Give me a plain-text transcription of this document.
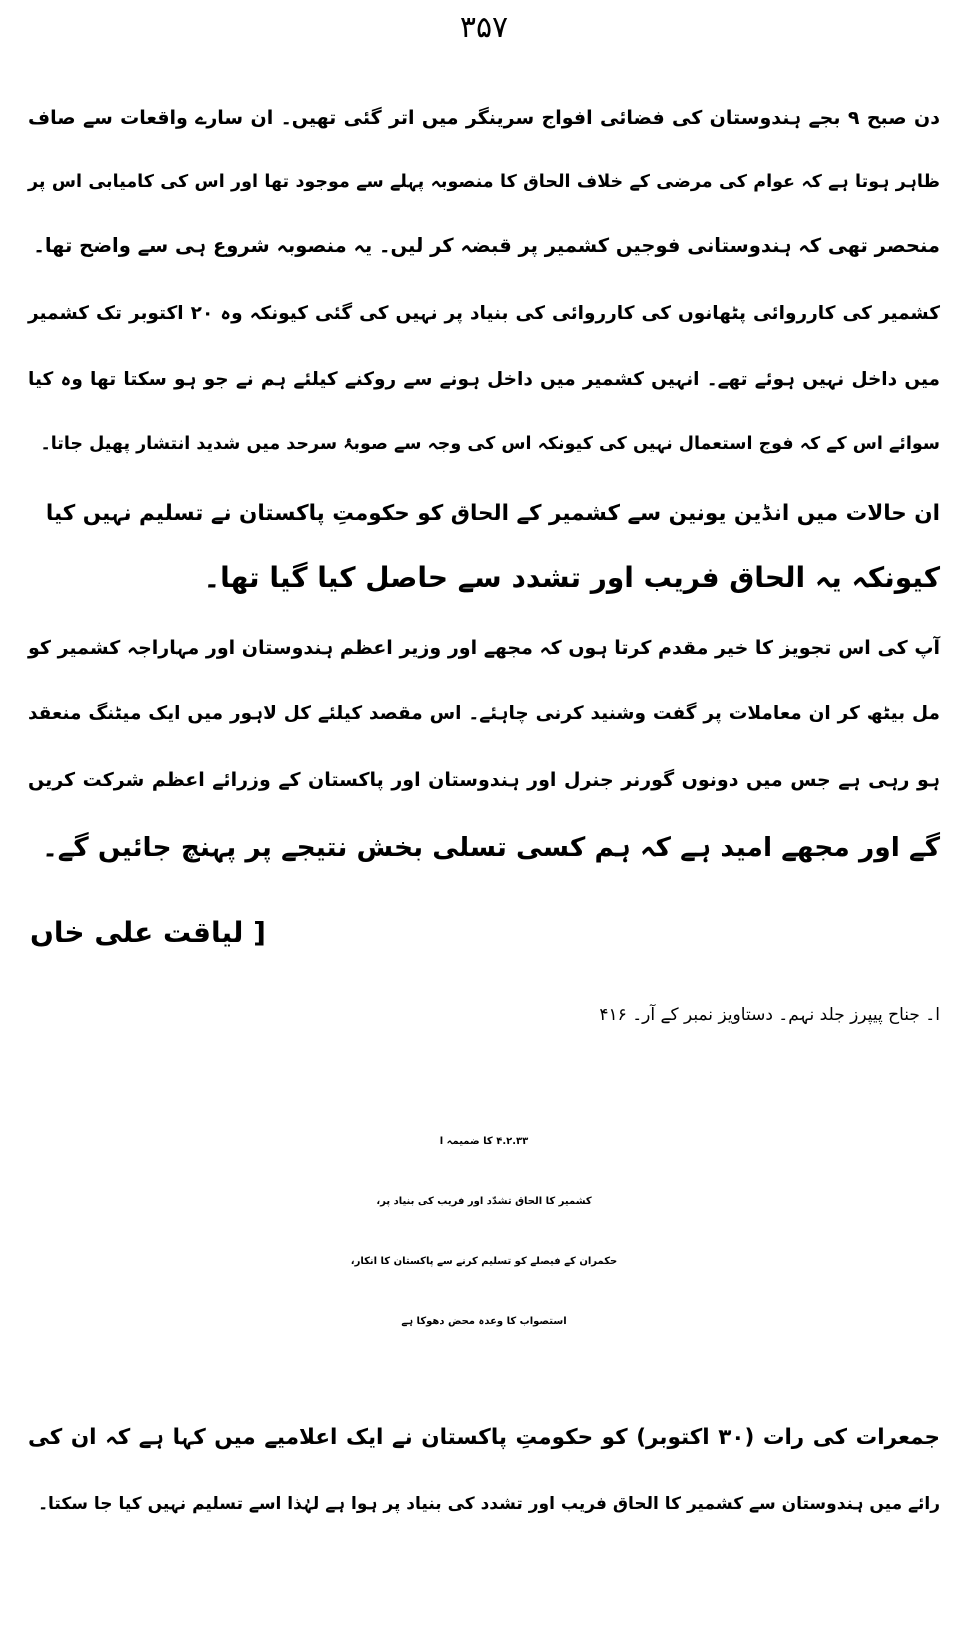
۳۵۷
دن صبح ۹ بجے ہندوستان کی فضائی افواج سرینگر میں اتر گئی تھیں۔ ان سارے واقعات سے صاف
ظاہر ہوتا ہے کہ عوام کی مرضی کے خلاف الحاق کا منصوبہ پہلے سے موجود تھا اور اس کی کامیابی اس پر
منحصر تھی کہ ہندوستانی فوجیں کشمیر پر قبضہ کر لیں۔ یہ منصوبہ شروع ہی سے واضح تھا۔
کشمیر کی کارروائی پٹھانوں کی کارروائی کی بنیاد پر نہیں کی گئی کیونکہ وہ ۲۰ اکتوبر تک کشمیر
میں داخل نہیں ہوئے تھے۔ انہیں کشمیر میں داخل ہونے سے روکنے کیلئے ہم نے جو ہو سکتا تھا وہ کیا
سوائے اس کے کہ فوج استعمال نہیں کی کیونکہ اس کی وجہ سے صوبۂ سرحد میں شدید انتشار پھیل جاتا۔
ان حالات میں انڈین یونین سے کشمیر کے الحاق کو حکومتِ پاکستان نے تسلیم نہیں کیا
کیونکہ یہ الحاق فریب اور تشدد سے حاصل کیا گیا تھا۔
آپ کی اس تجویز کا خیر مقدم کرتا ہوں کہ مجھے اور وزیر اعظم ہندوستان اور مہاراجہ کشمیر کو
مل بیٹھ کر ان معاملات پر گفت وشنید کرنی چاہئے۔ اس مقصد کیلئے کل لاہور میں ایک میٹنگ منعقد
ہو رہی ہے جس میں دونوں گورنر جنرل اور ہندوستان اور پاکستان کے وزرائے اعظم شرکت کریں
گے اور مجھے امید ہے کہ ہم کسی تسلی بخش نتیجے پر پہنچ جائیں گے۔
[ لیاقت علی خاں
ا۔ جناح پیپرز جلد نہم۔ دستاویز نمبر کے آر۔ ۴۱۶
۴.۲.۳۳ کا ضمیمہ ا
کشمیر کا الحاق تشدّد اور فریب کی بنیاد پر،
حکمران کے فیصلے کو تسلیم کرنے سے پاکستان کا انکار،
استصواب کا وعدہ محض دھوکا ہے
جمعرات کی رات (۳۰ اکتوبر) کو حکومتِ پاکستان نے ایک اعلامیے میں کہا ہے کہ ان کی
رائے میں ہندوستان سے کشمیر کا الحاق فریب اور تشدد کی بنیاد پر ہوا ہے لہٰذا اسے تسلیم نہیں کیا جا سکتا۔
